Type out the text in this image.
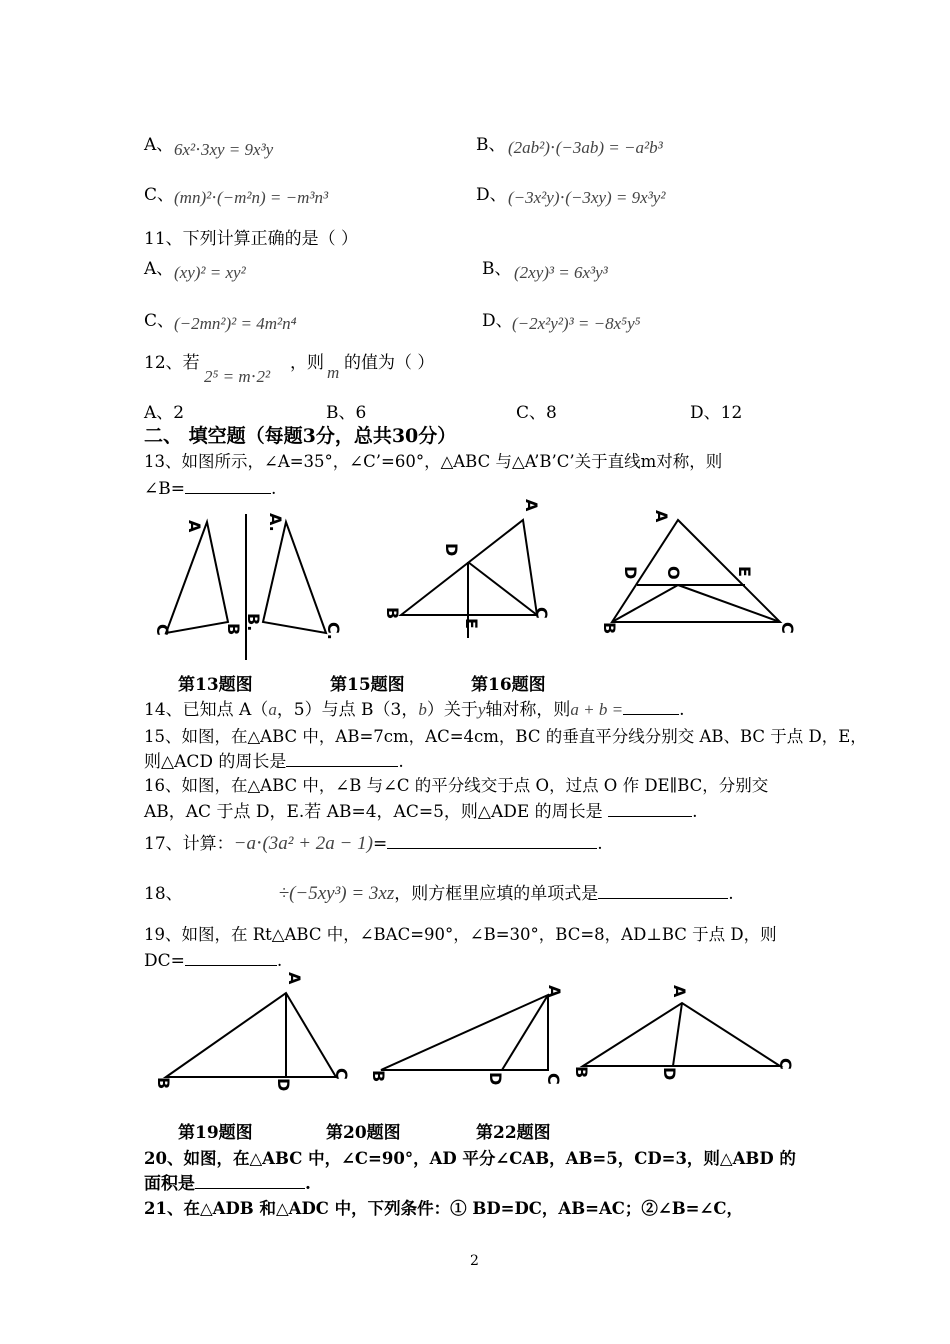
A、 6x²⋅3xy = 9x³y	B、 (2ab²)⋅(−3ab) = −a²b³
C、 (mn)²⋅(−m²n) = −m³n³	D、 (−3x²y)⋅(−3xy) = 9x³y²
11、下列计算正确的是（ ）
A、 (xy)² = xy²	B、 (2xy)³ = 6x³y³
C、 (−2mn²)² = 4m²n⁴	D、 (−2x²y²)³ = −8x⁵y⁵
12、若
2⁵ = m⋅2²
，则 m 的值为（ ）
A、2	B、6	C、8	D、12
二、 填空题（每题3分，总共30分）
13、如图所示，∠A=35°，∠C’=60°，△ABC 与△A’B’C’关于直线m对称，则
∠B=	.
A
C	B B.
A.
C.
A
D
B
E
C
A
D O	E
B	C
第13题图	第15题图	第16题图
14、已知点 A（a，5）与点 B（3，b）关于y轴对称，则a + b =	.
15、如图，在△ABC 中，AB=7cm，AC=4cm，BC 的垂直平分线分别交 AB、BC 于点 D，E，
则△ACD 的周长是	.
16、如图，在△ABC 中，∠B 与∠C 的平分线交于点 O，过点 O 作 DE∥BC，分别交
AB，AC 于点 D，E.若 AB=4，AC=5，则△ADE 的周长是	.
17、计算：−a⋅(3a² + 2a − 1)=	.
18、	÷(−5xy³) = 3xz，则方框里应填的单项式是	.
19、如图，在 Rt△ABC 中，∠BAC=90°，∠B=30°，BC=8，AD⊥BC 于点 D，则
DC=	.
A
B	D
C
A
B	D C
A
B	D
C
第19题图	第20题图	第22题图
20、如图，在△ABC 中，∠C=90°，AD 平分∠CAB，AB=5，CD=3，则△ABD 的
面积是	.
21、在△ADB 和△ADC 中，下列条件：① BD=DC，AB=AC；②∠B=∠C，
2
